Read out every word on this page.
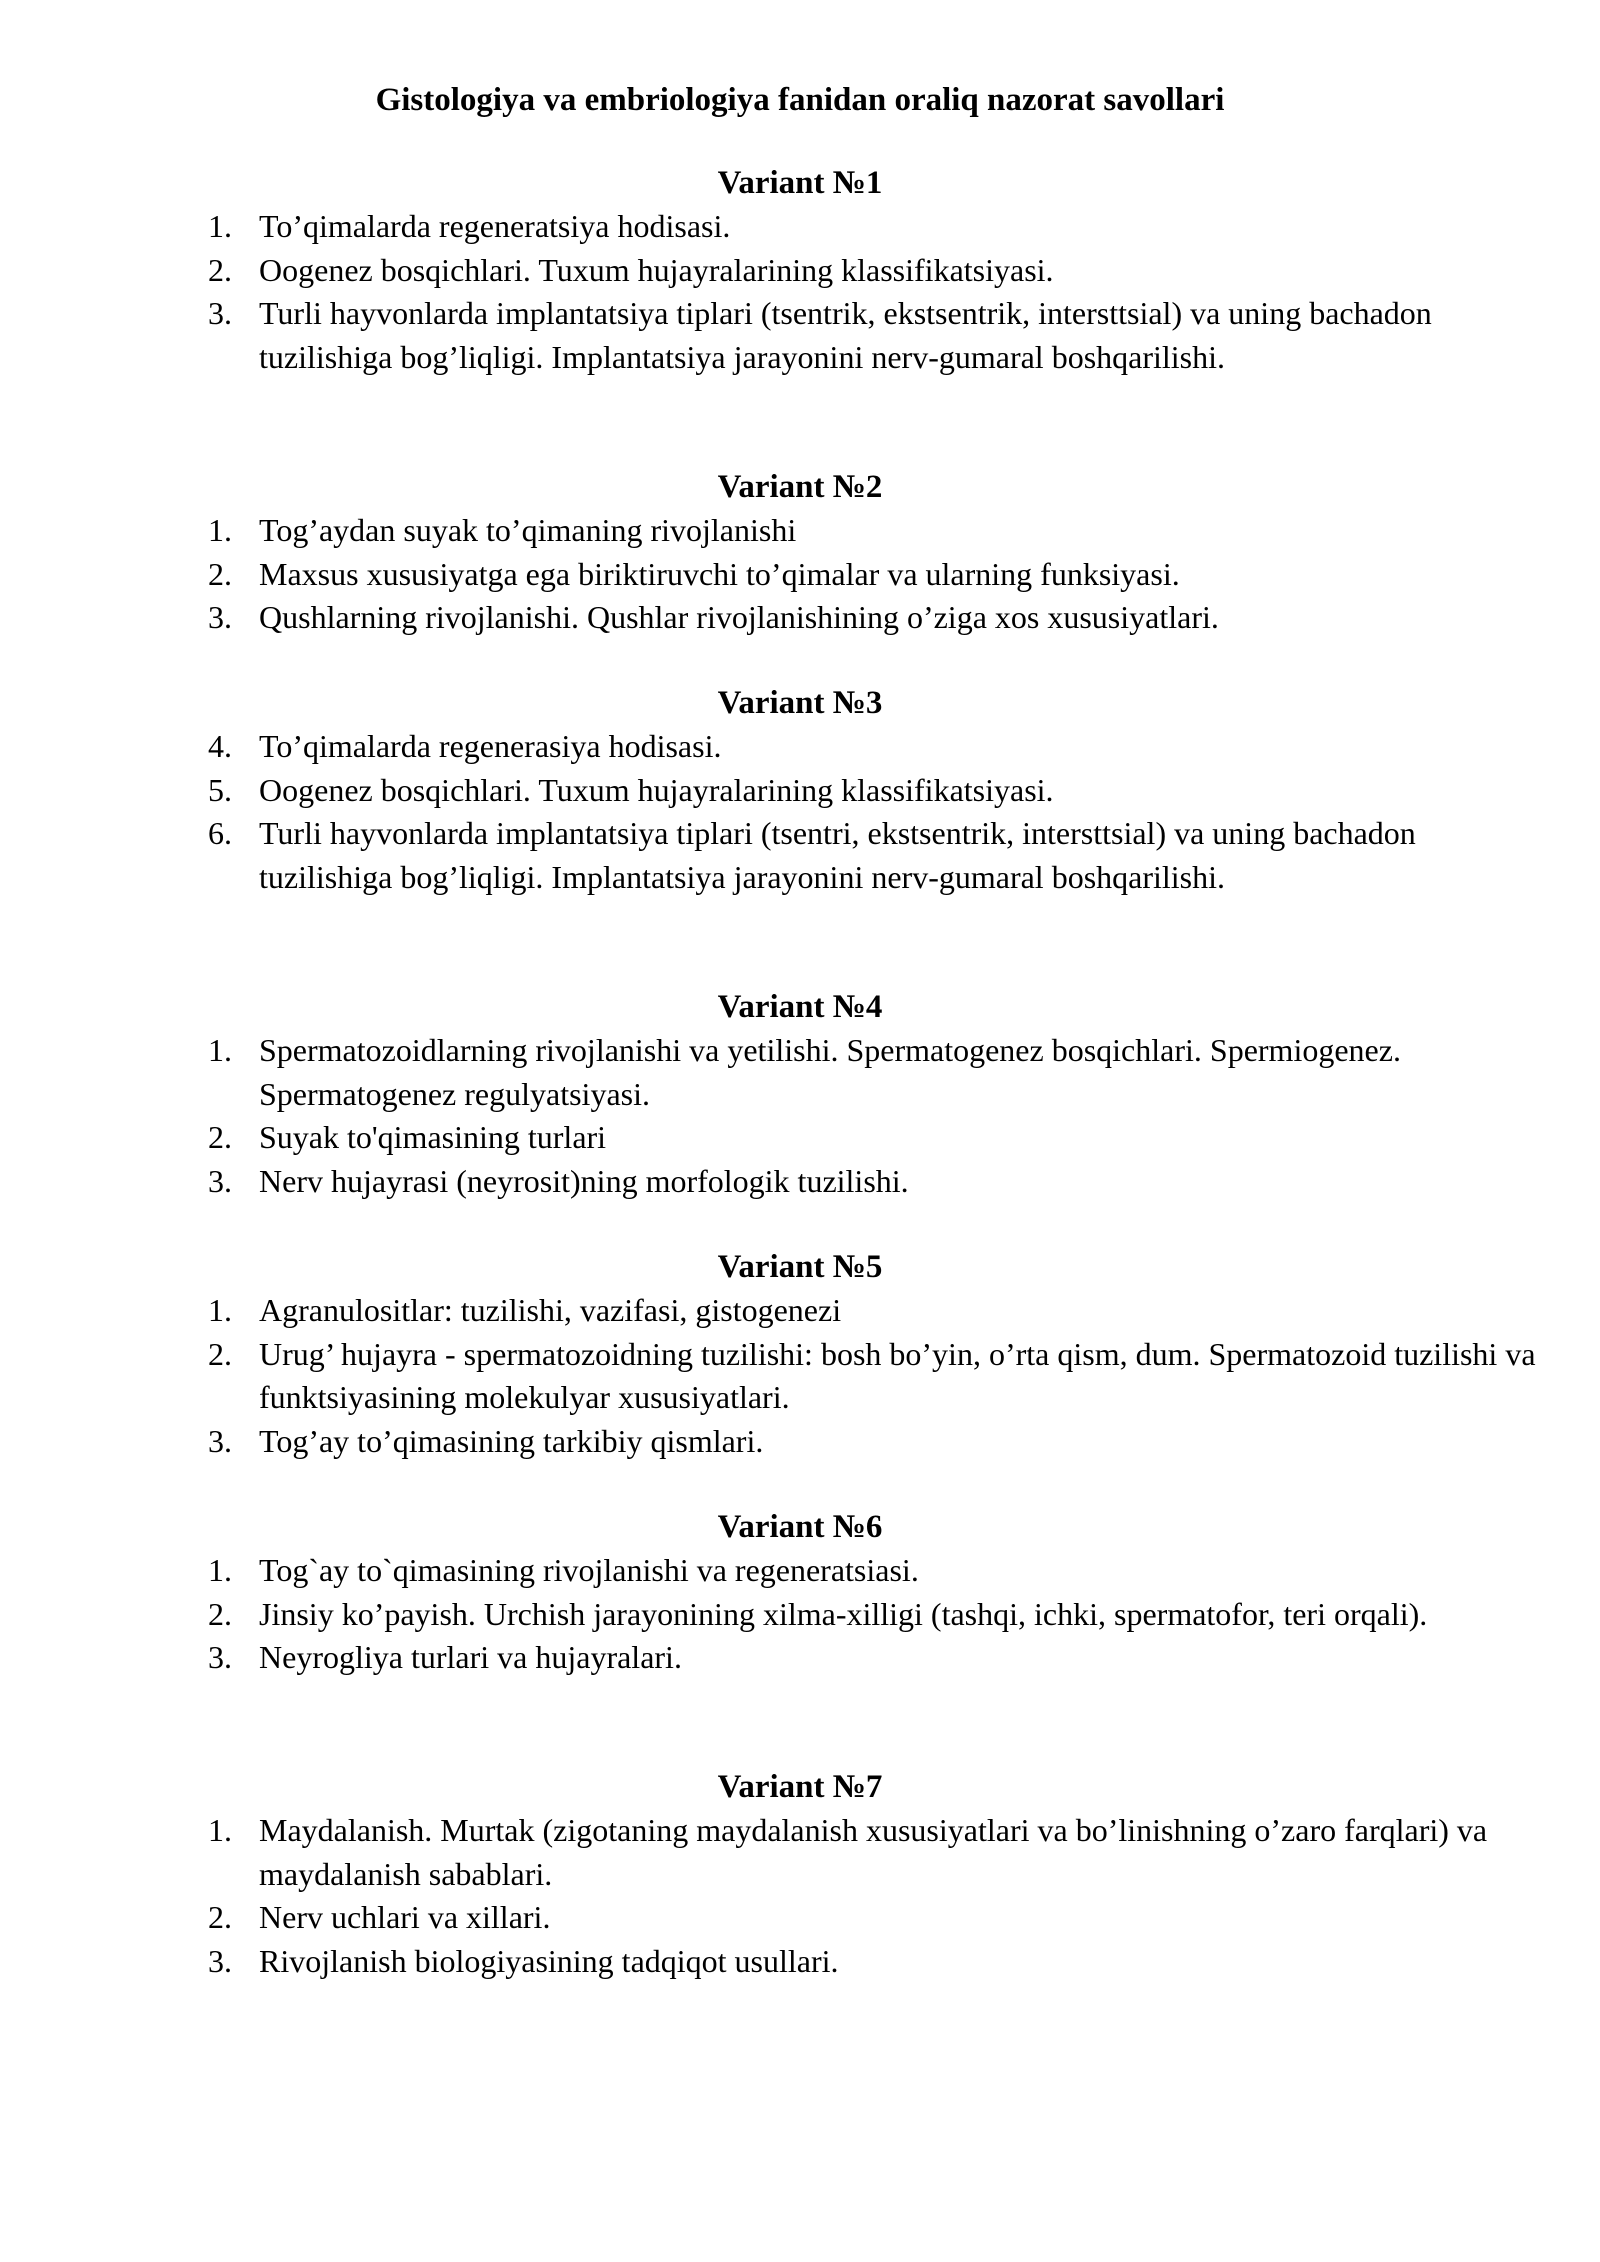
Gistologiya va embriologiya fanidan oraliq nazorat savollari
Variant №1
1. To’qimalarda regeneratsiya hodisasi.
2. Oogenez bosqichlari. Tuxum hujayralarining klassifikatsiyasi.
3. Turli hayvonlarda implantatsiya tiplari (tsentrik, ekstsentrik, intersttsial) va uning bachadon tuzilishiga bog’liqligi. Implantatsiya jarayonini nerv-gumaral boshqarilishi.
Variant №2
1. Tog’aydan suyak to’qimaning rivojlanishi
2. Maxsus xususiyatga ega biriktiruvchi to’qimalar va ularning funksiyasi.
3. Qushlarning rivojlanishi. Qushlar rivojlanishining o’ziga xos xususiyatlari.
Variant №3
4. To’qimalarda regenerasiya hodisasi.
5. Oogenez bosqichlari. Tuxum hujayralarining klassifikatsiyasi.
6. Turli hayvonlarda implantatsiya tiplari (tsentri, ekstsentrik, intersttsial) va uning bachadon tuzilishiga bog’liqligi. Implantatsiya jarayonini nerv-gumaral boshqarilishi.
Variant №4
1. Spermatozoidlarning rivojlanishi va yetilishi. Spermatogenez bosqichlari. Spermiogenez. Spermatogenez regulyatsiyasi.
2. Suyak to'qimasining turlari
3. Nerv hujayrasi (neyrosit)ning morfologik tuzilishi.
Variant №5
1. Agranulositlar: tuzilishi, vazifasi, gistogenezi
2. Urug’ hujayra - spermatozoidning tuzilishi: bosh bo’yin, o’rta qism, dum. Spermatozoid tuzilishi va funktsiyasining molekulyar xususiyatlari.
3. Tog’ay to’qimasining tarkibiy qismlari.
Variant №6
1. Tog`ay to`qimasining rivojlanishi va regeneratsiasi.
2. Jinsiy ko’payish. Urchish jarayonining xilma-xilligi (tashqi, ichki, spermatofor, teri orqali).
3. Neyrogliya turlari va hujayralari.
Variant №7
1. Maydalanish. Murtak (zigotaning maydalanish xususiyatlari va bo’linishning o’zaro farqlari) va maydalanish sabablari.
2. Nerv uchlari va xillari.
3. Rivojlanish biologiyasining tadqiqot usullari.
